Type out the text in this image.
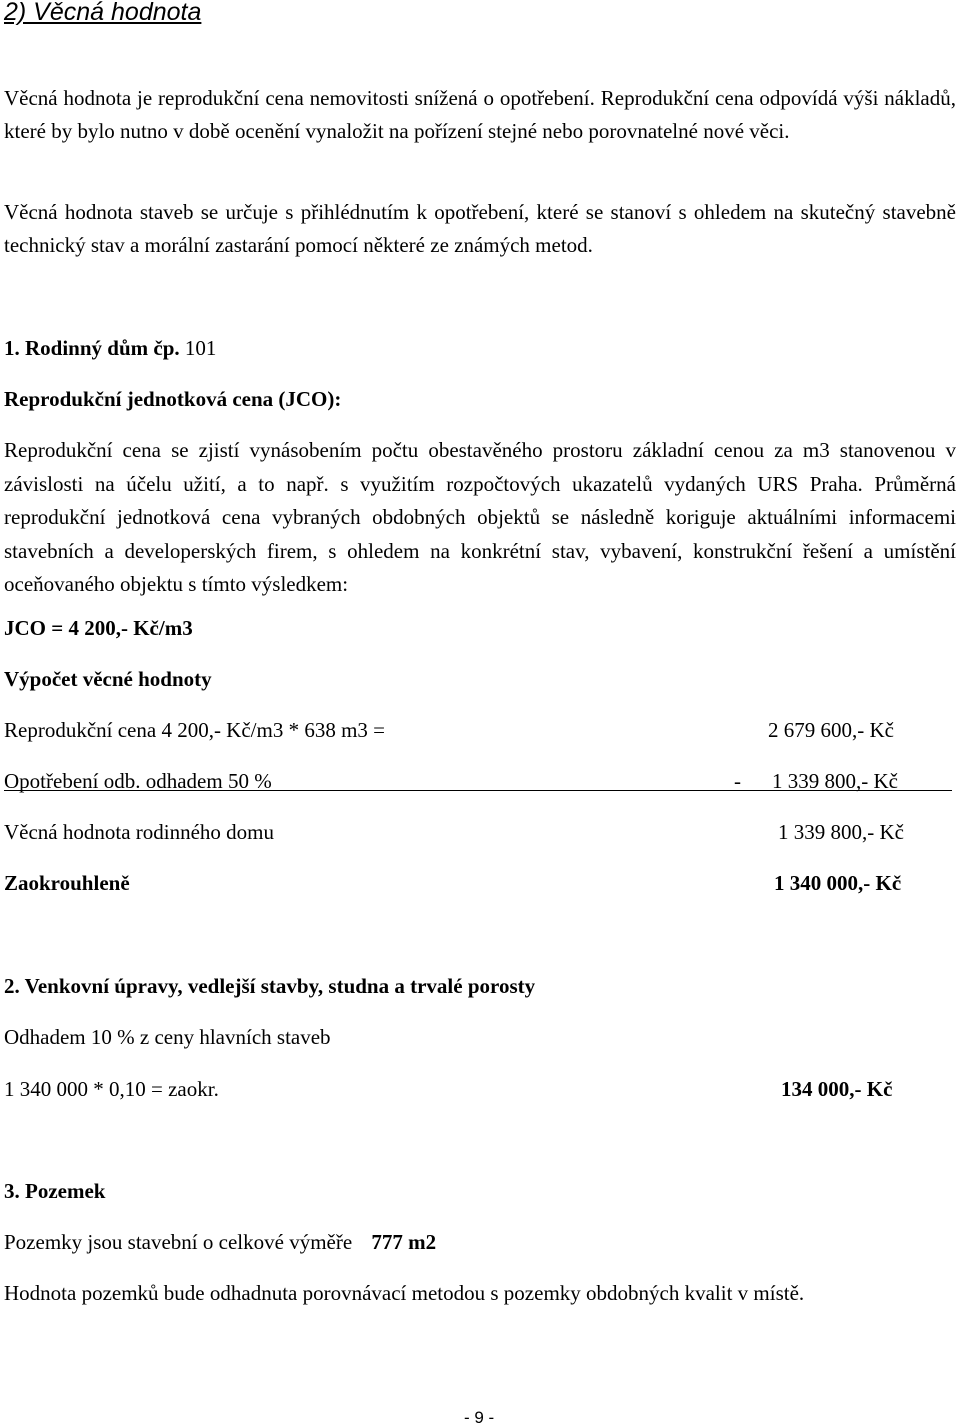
2) Věcná hodnota

Věcná hodnota je reprodukční cena nemovitosti snížená o opotřebení. Reprodukční cena odpovídá výši nákladů, které by bylo nutno v době ocenění vynaložit na pořízení stejné nebo porovnatelné nové věci.

Věcná hodnota staveb se určuje s přihlédnutím k opotřebení, které se stanoví s ohledem na skutečný stavebně technický stav a morální zastarání pomocí některé ze známých metod.

1. Rodinný dům čp. 101
Reprodukční jednotková cena (JCO):

Reprodukční cena se zjistí vynásobením počtu obestavěného prostoru základní cenou za m3 stanovenou v závislosti na účelu užití, a to např. s využitím rozpočtových ukazatelů vydaných URS Praha. Průměrná reprodukční jednotková cena vybraných obdobných objektů se následně koriguje aktuálními informacemi stavebních a developerských firem, s ohledem na konkrétní stav, vybavení, konstrukční řešení a umístění oceňovaného objektu s tímto výsledkem:

JCO = 4 200,- Kč/m3
Výpočet věcné hodnoty
Reprodukční cena 4 200,- Kč/m3 * 638 m3 =	2 679 600,- Kč
Opotřebení odb. odhadem 50 %	- 1 339 800,- Kč
Věcná hodnota rodinného domu	1 339 800,- Kč
Zaokrouhleně	1 340 000,- Kč
2. Venkovní úpravy, vedlejší stavby, studna a trvalé porosty
Odhadem 10 % z ceny hlavních staveb
1 340 000 * 0,10 = zaokr.	134 000,- Kč
3. Pozemek
Pozemky jsou stavební o celkové výměře 777 m2
Hodnota pozemků bude odhadnuta porovnávací metodou s pozemky obdobných kvalit v místě.
- 9 -
